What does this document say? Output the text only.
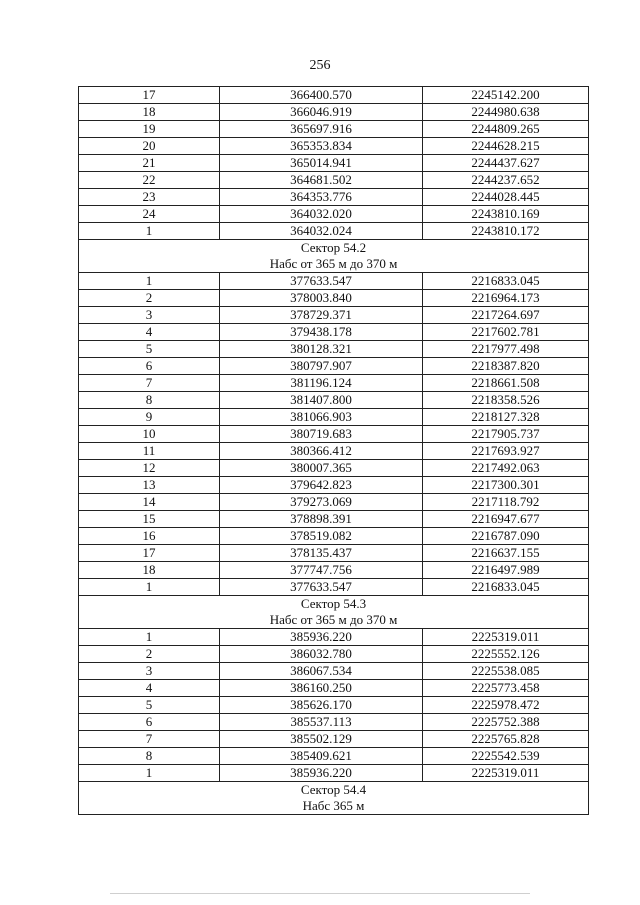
256
17	366400.570	2245142.200
18	366046.919	2244980.638
19	365697.916	2244809.265
20	365353.834	2244628.215
21	365014.941	2244437.627
22	364681.502	2244237.652
23	364353.776	2244028.445
24	364032.020	2243810.169
1	364032.024	2243810.172

Сектор 54.2
Набс от 365 м до 370 м		

1	377633.547	2216833.045
2	378003.840	2216964.173
3	378729.371	2217264.697
4	379438.178	2217602.781
5	380128.321	2217977.498
6	380797.907	2218387.820
7	381196.124	2218661.508
8	381407.800	2218358.526
9	381066.903	2218127.328
10	380719.683	2217905.737
11	380366.412	2217693.927
12	380007.365	2217492.063
13	379642.823	2217300.301
14	379273.069	2217118.792
15	378898.391	2216947.677
16	378519.082	2216787.090
17	378135.437	2216637.155
18	377747.756	2216497.989
1	377633.547	2216833.045

Сектор 54.3
Набс от 365 м до 370 м		

1	385936.220	2225319.011
2	386032.780	2225552.126
3	386067.534	2225538.085
4	386160.250	2225773.458
5	385626.170	2225978.472
6	385537.113	2225752.388
7	385502.129	2225765.828
8	385409.621	2225542.539
1	385936.220	2225319.011

Сектор 54.4
Набс 365 м		
